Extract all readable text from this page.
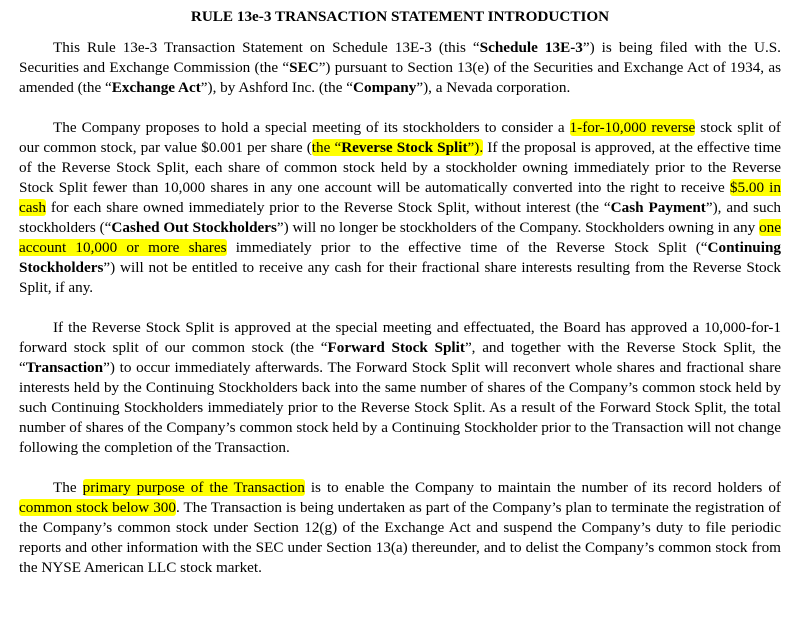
RULE 13e-3 TRANSACTION STATEMENT INTRODUCTION

This Rule 13e-3 Transaction Statement on Schedule 13E-3 (this “Schedule 13E-3”) is being filed with the U.S. Securities and Exchange Commission (the “SEC”) pursuant to Section 13(e) of the Securities and Exchange Act of 1934, as amended (the “Exchange Act”), by Ashford Inc. (the “Company”), a Nevada corporation.

The Company proposes to hold a special meeting of its stockholders to consider a 1-for-10,000 reverse stock split of our common stock, par value $0.001 per share (the “Reverse Stock Split”). If the proposal is approved, at the effective time of the Reverse Stock Split, each share of common stock held by a stockholder owning immediately prior to the Reverse Stock Split fewer than 10,000 shares in any one account will be automatically converted into the right to receive $5.00 in cash for each share owned immediately prior to the Reverse Stock Split, without interest (the “Cash Payment”), and such stockholders (“Cashed Out Stockholders”) will no longer be stockholders of the Company. Stockholders owning in any one account 10,000 or more shares immediately prior to the effective time of the Reverse Stock Split (“Continuing Stockholders”) will not be entitled to receive any cash for their fractional share interests resulting from the Reverse Stock Split, if any.

If the Reverse Stock Split is approved at the special meeting and effectuated, the Board has approved a 10,000-for-1 forward stock split of our common stock (the “Forward Stock Split”, and together with the Reverse Stock Split, the “Transaction”) to occur immediately afterwards. The Forward Stock Split will reconvert whole shares and fractional share interests held by the Continuing Stockholders back into the same number of shares of the Company’s common stock held by such Continuing Stockholders immediately prior to the Reverse Stock Split. As a result of the Forward Stock Split, the total number of shares of the Company’s common stock held by a Continuing Stockholder prior to the Transaction will not change following the completion of the Transaction.

The primary purpose of the Transaction is to enable the Company to maintain the number of its record holders of common stock below 300. The Transaction is being undertaken as part of the Company’s plan to terminate the registration of the Company’s common stock under Section 12(g) of the Exchange Act and suspend the Company’s duty to file periodic reports and other information with the SEC under Section 13(a) thereunder, and to delist the Company’s common stock from the NYSE American LLC stock market.
